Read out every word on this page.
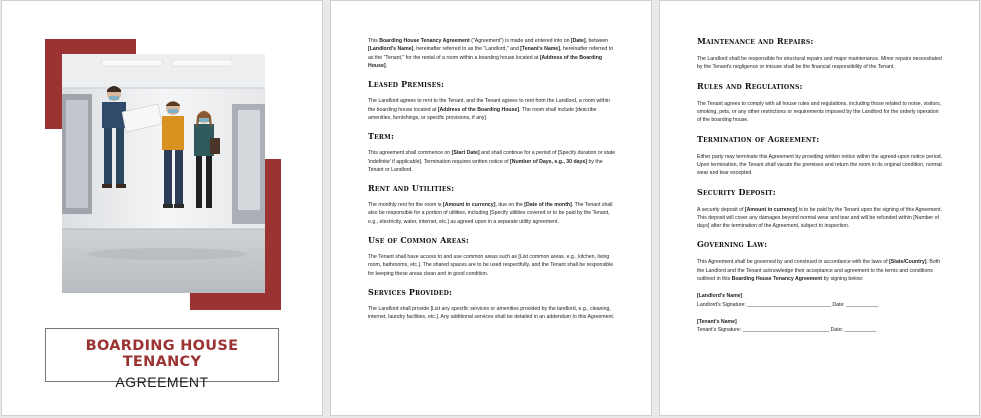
BOARDING HOUSE TENANCY
AGREEMENT

This Boarding House Tenancy Agreement ("Agreement") is made and entered into on [Date], between [Landlord's Name], hereinafter referred to as the "Landlord," and [Tenant's Name], hereinafter referred to as the "Tenant," for the rental of a room within a boarding house located at [Address of the Boarding House].

Leased Premises:

The Landlord agrees to rent to the Tenant, and the Tenant agrees to rent from the Landlord, a room within the boarding house located at [Address of the Boarding House]. The room shall include [describe amenities, furnishings, or specific provisions, if any].

Term:

This agreement shall commence on [Start Date] and shall continue for a period of [Specify duration or state 'indefinite' if applicable]. Termination requires written notice of [Number of Days, e.g., 30 days] by the Tenant or Landlord.

Rent and Utilities:

The monthly rent for the room is [Amount in currency], due on the [Date of the month]. The Tenant shall also be responsible for a portion of utilities, including [Specify utilities covered or to be paid by the Tenant, e.g., electricity, water, internet, etc.] as agreed upon in a separate utility agreement.

Use of Common Areas:

The Tenant shall have access to and use common areas such as [List common areas, e.g., kitchen, living room, bathrooms, etc.]. The shared spaces are to be used respectfully, and the Tenant shall be responsible for keeping these areas clean and in good condition.

Services Provided:

The Landlord shall provide [List any specific services or amenities provided by the landlord, e.g., cleaning, internet, laundry facilities, etc.]. Any additional services shall be detailed in an addendum to this Agreement.

Maintenance and Repairs:

The Landlord shall be responsible for structural repairs and major maintenance. Minor repairs necessitated by the Tenant's negligence or misuse shall be the financial responsibility of the Tenant.

Rules and Regulations:

The Tenant agrees to comply with all house rules and regulations, including those related to noise, visitors, smoking, pets, or any other restrictions or requirements imposed by the Landlord for the orderly operation of the boarding house.

Termination of Agreement:

Either party may terminate this Agreement by providing written notice within the agreed-upon notice period. Upon termination, the Tenant shall vacate the premises and return the room in its original condition, normal wear and tear excepted.

Security Deposit:

A security deposit of [Amount in currency] is to be paid by the Tenant upon the signing of this Agreement. This deposit will cover any damages beyond normal wear and tear and will be refunded within [Number of days] after the termination of the Agreement, subject to inspection.

Governing Law:

This Agreement shall be governed by and construed in accordance with the laws of [State/Country]. Both the Landlord and the Tenant acknowledge their acceptance and agreement to the terms and conditions outlined in this Boarding House Tenancy Agreement by signing below:

[Landlord's Name]
Landlord's Signature: _____________________________ Date: ___________
[Tenant's Name]
Tenant's Signature: ______________________________ Date: ___________
